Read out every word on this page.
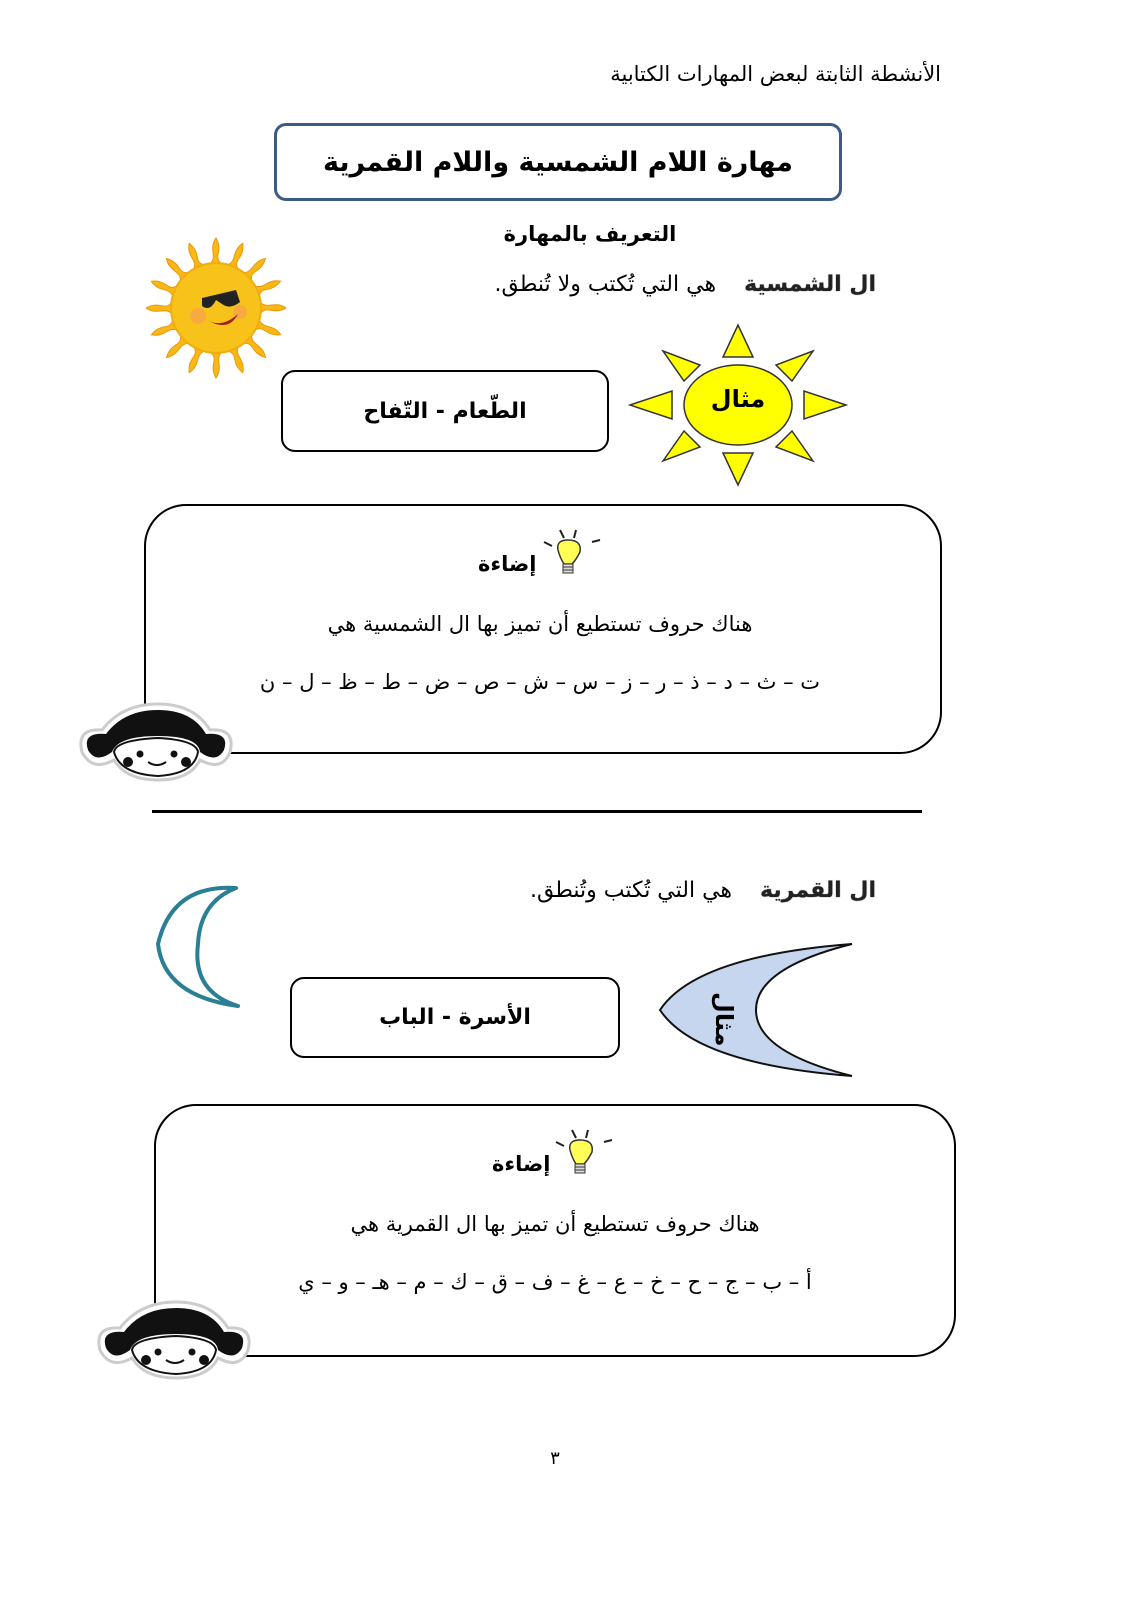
الأنشطة الثابتة لبعض المهارات الكتابية
مهارة اللام الشمسية واللام القمرية
التعريف بالمهارة
ال الشمسية    هي التي تُكتب ولا تُنطق.
الطّعام - التّفاح	مثال
إضاءة
هناك حروف تستطيع أن تميز بها ال الشمسية هي
ت – ث – د – ذ – ر – ز – س – ش – ص – ض – ط – ظ – ل – ن
ال القمرية    هي التي تُكتب وتُنطق.
الأسرة - الباب	مثال
إضاءة
هناك حروف تستطيع أن تميز بها ال القمرية هي
أ – ب – ج – ح – خ – ع – غ – ف – ق – ك – م – هـ – و – ي
٣
